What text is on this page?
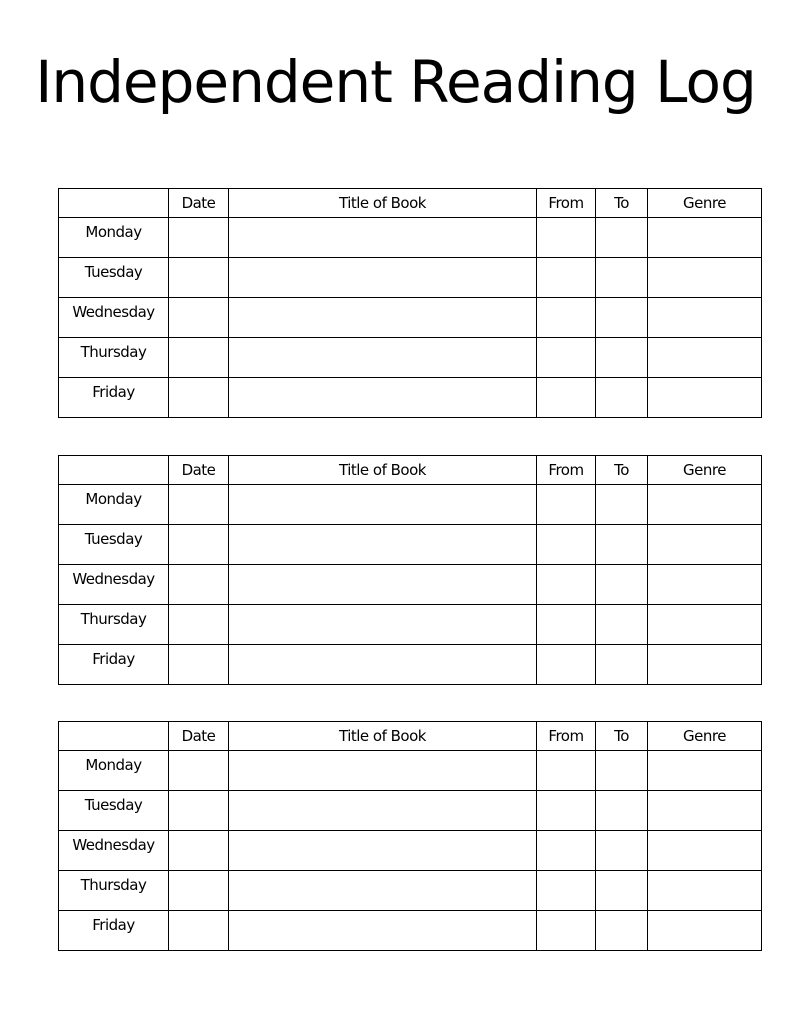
Independent Reading Log
	Date	Title of Book	From	To	Genre
Monday					
Tuesday					
Wednesday					
Thursday					
Friday					
	Date	Title of Book	From	To	Genre
Monday					
Tuesday					
Wednesday					
Thursday					
Friday					
	Date	Title of Book	From	To	Genre
Monday					
Tuesday					
Wednesday					
Thursday					
Friday					
